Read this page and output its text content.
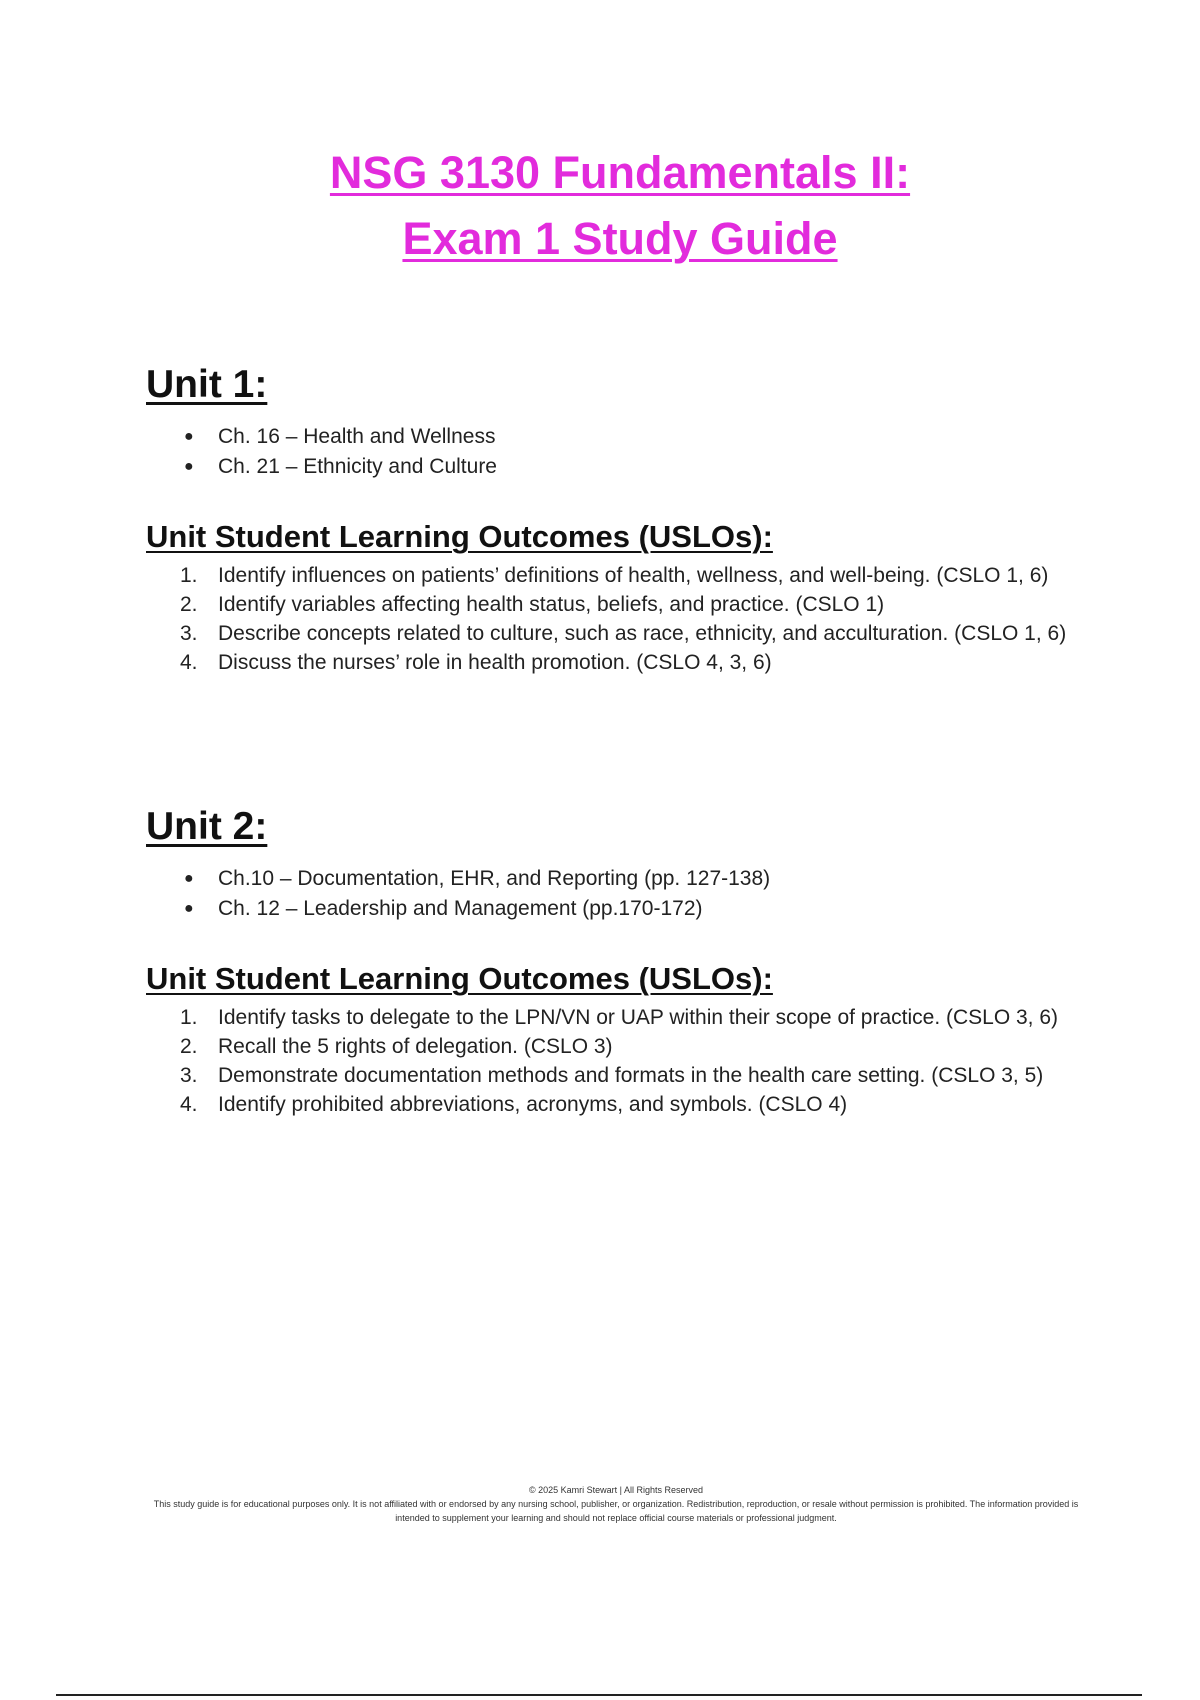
NSG 3130 Fundamentals II:
Exam 1 Study Guide
Unit 1:
● Ch. 16 – Health and Wellness
● Ch. 21 – Ethnicity and Culture
Unit Student Learning Outcomes (USLOs):
1. Identify influences on patients’ definitions of health, wellness, and well-being. (CSLO 1, 6)
2. Identify variables affecting health status, beliefs, and practice. (CSLO 1)
3. Describe concepts related to culture, such as race, ethnicity, and acculturation. (CSLO 1, 6)
4. Discuss the nurses’ role in health promotion. (CSLO 4, 3, 6)
Unit 2:
● Ch.10 – Documentation, EHR, and Reporting (pp. 127-138)
● Ch. 12 – Leadership and Management (pp.170-172)
Unit Student Learning Outcomes (USLOs):
1. Identify tasks to delegate to the LPN/VN or UAP within their scope of practice. (CSLO 3, 6)
2. Recall the 5 rights of delegation. (CSLO 3)
3. Demonstrate documentation methods and formats in the health care setting. (CSLO 3, 5)
4. Identify prohibited abbreviations, acronyms, and symbols. (CSLO 4)
© 2025 Kamri Stewart | All Rights Reserved
This study guide is for educational purposes only. It is not affiliated with or endorsed by any nursing school, publisher, or organization. Redistribution, reproduction, or resale without permission is prohibited. The information provided is intended to supplement your learning and should not replace official course materials or professional judgment.
